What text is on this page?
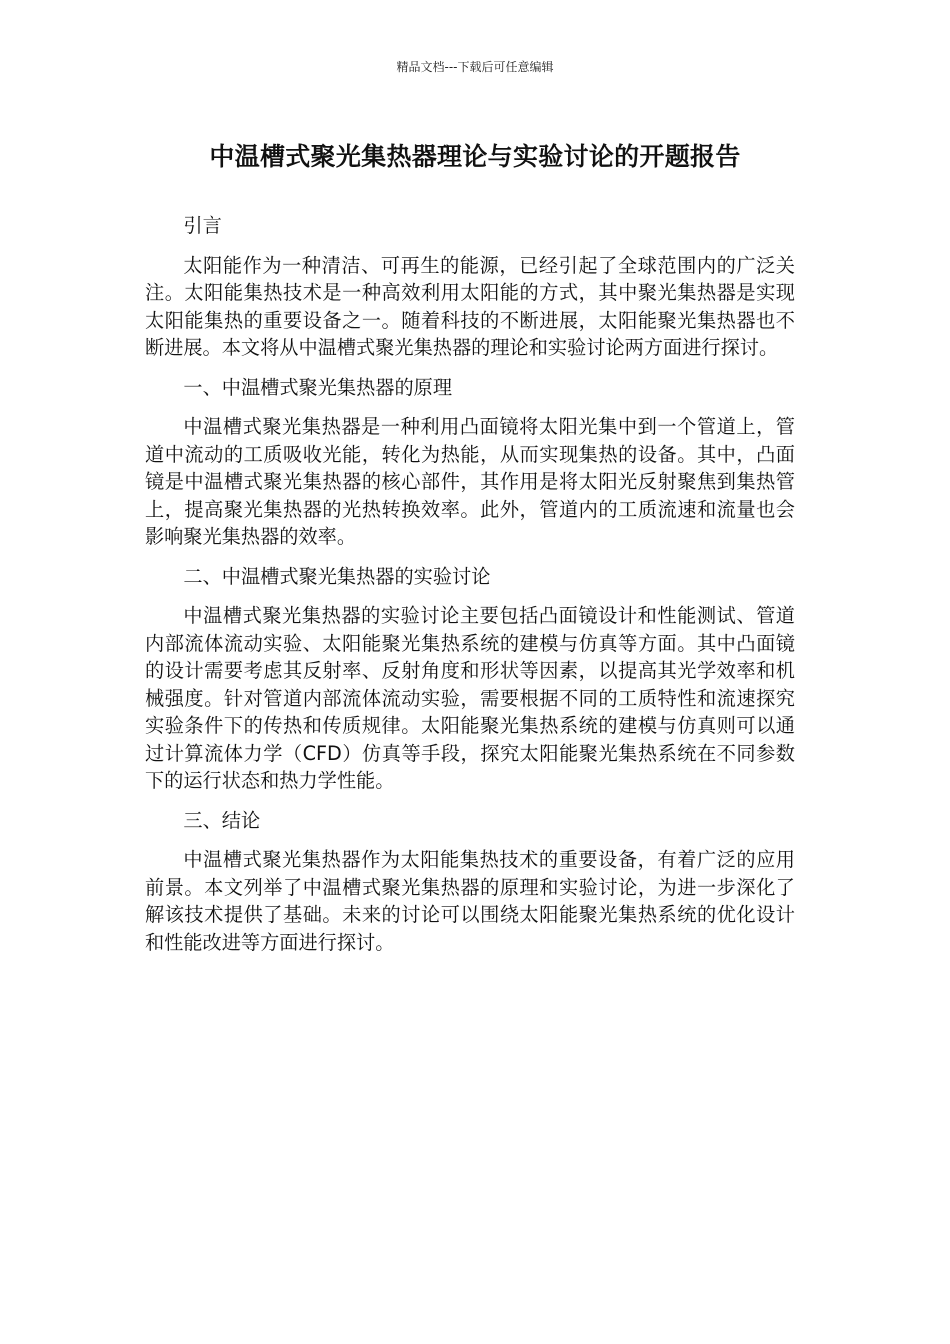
精品文档---下载后可任意编辑
中温槽式聚光集热器理论与实验讨论的开题报告

引言

太阳能作为一种清洁、可再生的能源，已经引起了全球范围内的广泛关注。太阳能集热技术是一种高效利用太阳能的方式，其中聚光集热器是实现太阳能集热的重要设备之一。随着科技的不断进展，太阳能聚光集热器也不断进展。本文将从中温槽式聚光集热器的理论和实验讨论两方面进行探讨。

一、中温槽式聚光集热器的原理

中温槽式聚光集热器是一种利用凸面镜将太阳光集中到一个管道上，管道中流动的工质吸收光能，转化为热能，从而实现集热的设备。其中，凸面镜是中温槽式聚光集热器的核心部件，其作用是将太阳光反射聚焦到集热管上，提高聚光集热器的光热转换效率。此外，管道内的工质流速和流量也会影响聚光集热器的效率。

二、中温槽式聚光集热器的实验讨论

中温槽式聚光集热器的实验讨论主要包括凸面镜设计和性能测试、管道内部流体流动实验、太阳能聚光集热系统的建模与仿真等方面。其中凸面镜的设计需要考虑其反射率、反射角度和形状等因素，以提高其光学效率和机械强度。针对管道内部流体流动实验，需要根据不同的工质特性和流速探究实验条件下的传热和传质规律。太阳能聚光集热系统的建模与仿真则可以通过计算流体力学（CFD）仿真等手段，探究太阳能聚光集热系统在不同参数下的运行状态和热力学性能。

三、结论

中温槽式聚光集热器作为太阳能集热技术的重要设备，有着广泛的应用前景。本文列举了中温槽式聚光集热器的原理和实验讨论，为进一步深化了解该技术提供了基础。未来的讨论可以围绕太阳能聚光集热系统的优化设计和性能改进等方面进行探讨。
